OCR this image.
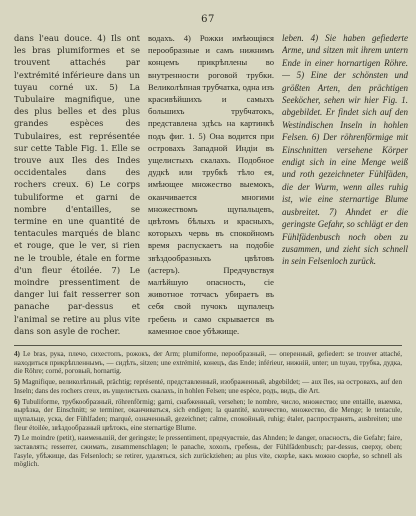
67

dans l'eau douce. 4) Ils ont les bras plumiformes et se trouvent attachés par l'extrémité inférieure dans un tuyau corné ux. 5) La Tubulaire magnifique, une des plus belles et des plus grandes espèces des Tubulaires, est représentée sur cette Table Fig. 1. Elle se trouve aux Iles des Indes occidentales dans des rochers creux. 6) Le corps tubuliforme et garni de nombre d'entailles, se termine en une quantité de tentacules marqués de blanc et rouge, que le ver, si rien ne le trouble, étale en forme d'un fleur étoilée. 7) Le moindre pressentiment de danger lui fait resserrer son panache par-dessus et l'animal se retire au plus vite dans son asyle de rocher.

водахъ. 4) Рожки имѣющіяся перообразные и самъ нижнимъ концемъ прикрѣплены во внутренности роговой трубки. Великолѣпная трубчатка, одна изъ красивѣйшихъ и самыхъ большихъ трубчатокъ, представлена здѣсь на картинкѣ подъ фиг. 1. 5) Она водится при островахъ Западной Индіи въ ущелистыхъ скалахъ. Подобное дудкѣ или трубкѣ тѣло ея, имѣющее множество выемокъ, оканчивается многими множествомъ щупальцевъ, цвѣтомъ бѣлыхъ и красныхъ, которыхъ червь въ спокойномъ время распускаетъ на подобіе звѣздообразныхъ цвѣтовъ (астеръ). Предчувствуя малѣйшую опасность, сіе животное тотчасъ убираетъ въ себя свой пучокъ щупалецъ гребень и само скрывается въ каменное свое убѣжище.

leben. 4) Sie haben gefiederte Arme, und sitzen mit ihrem untern Ende in einer hornartigen Röhre. — 5) Eine der schönsten und größten Arten, den prächtigen Seeköcher, sehen wir hier Fig. 1. abgebildet. Er findet sich auf den Westindischen Inseln in hohlen Felsen. 6) Der röhrenförmige mit Einschnitten versehene Körper endigt sich in eine Menge weiß und roth gezeichneter Fühlfäden, die der Wurm, wenn alles ruhig ist, wie eine sternartige Blume ausbreitet. 7) Ahndet er die geringste Gefahr, so schlägt er den Fühlfädenbusch noch oben zu zusammen, und zieht sich schnell in sein Felsenloch zurück.

4) Le bras, рука, плечо, сихестопъ, рожокъ, der Arm; plumiforme, перообразный, — оперенный, gefiedert: se trouver attaché, находиться прикрѣпленнымъ, — сидѣть, sitzen; une extrémité, конецъ, das Ende; inférieur, нижній, unter; un tuyau, трубка, дудка, die Röhre; corné, роговый, hornartig.

5) Magnifique, великолѣпный, prächtig; représenté, представленный, изображенный, abgebildet; — aux îles, на островахъ, auf den Inseln; dans des rochers creux, въ ущелистыхъ скалахъ, in hohlen Felsen; une espèce, родъ, видъ, die Art.

6) Tubuliforme, трубкообразный, röhrenförmig; garni, снабженный, versehen; le nombre, число, множество; une entaille, выемка, вырѣзка, der Einschnitt; se terminer, оканчиваться, sich endigen; la quantité, количество, множество, die Menge; le tentacule, щупальце, уска, der Fühlfaden; marqué, означенный, gezeichnet; calme, спокойный, ruhig; étaler, распространять, ausbreiten; une fleur étoilée, звѣздообразный цвѣтокъ, eine sternartige Blume.

7) Le moindre (petit), наименьшій, der geringste; le pressentiment, предчувствіе, das Ahnden; le danger, опасность, die Gefahr; faire, заставлять; resserrer, сжимать, zusammenschlagen; le panache, хохолъ, гребень, der Fühlfädenbusch; par-dessus, сверху, oben; l'asyle, убѣжище, das Felsenloch; se retirer, удаляться, sich zurückziehen; au plus vite, скорѣе, какъ можно скорѣе, so schnell als möglich.
